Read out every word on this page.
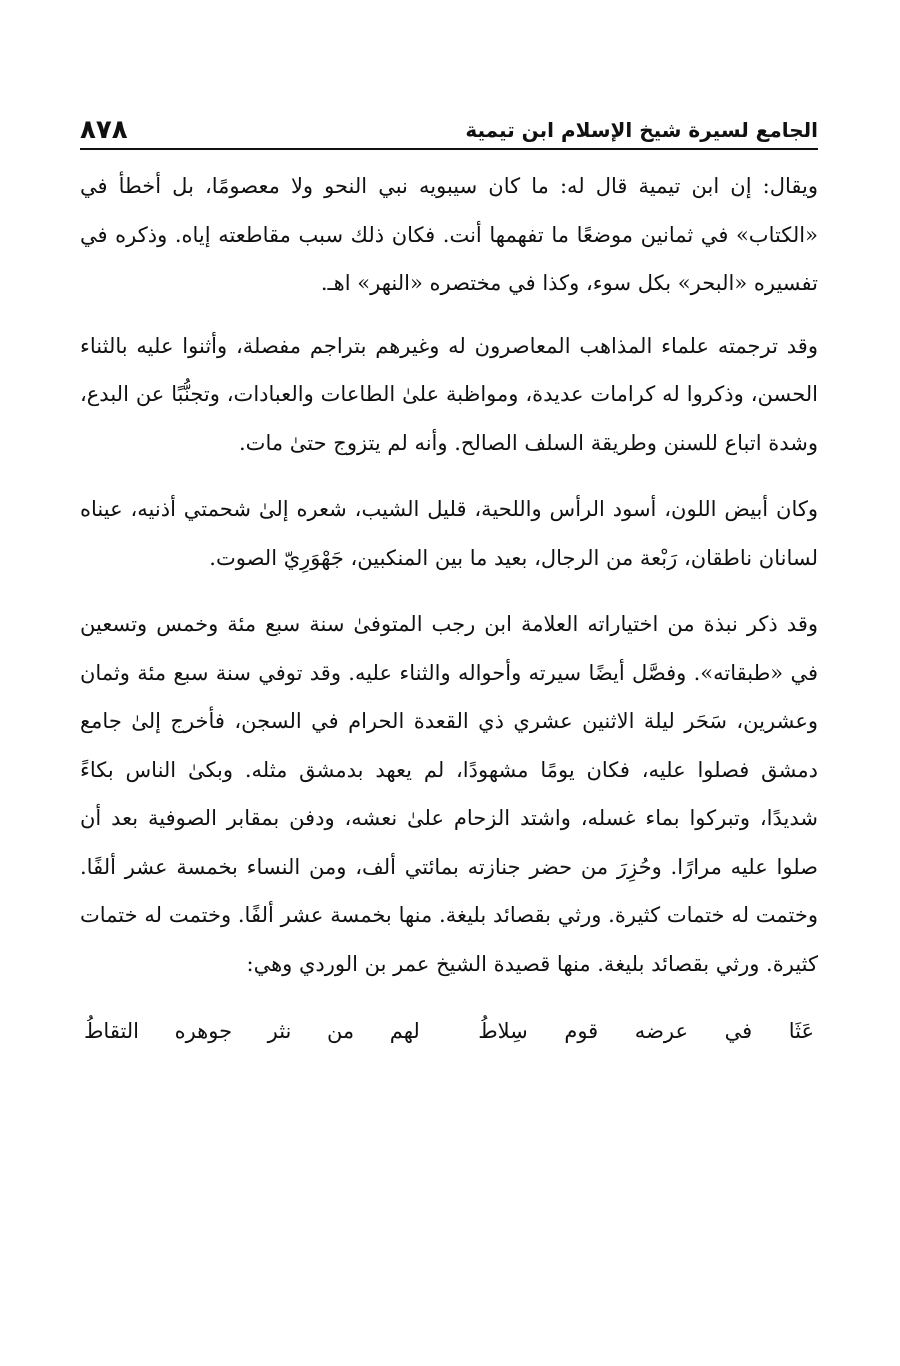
الجامع لسيرة شيخ الإسلام ابن تيمية
٨٧٨

ويقال: إن ابن تيمية قال له: ما كان سيبويه نبي النحو ولا معصومًا، بل أخطأ في «الكتاب» في ثمانين موضعًا ما تفهمها أنت. فكان ذلك سبب مقاطعته إياه. وذكره في تفسيره «البحر» بكل سوء، وكذا في مختصره «النهر» اهـ.

وقد ترجمته علماء المذاهب المعاصرون له وغيرهم بتراجم مفصلة، وأثنوا عليه بالثناء الحسن، وذكروا له كرامات عديدة، ومواظبة علىٰ الطاعات والعبادات، وتجنُّبًا عن البدع، وشدة اتباع للسنن وطريقة السلف الصالح. وأنه لم يتزوج حتىٰ مات.

وكان أبيض اللون، أسود الرأس واللحية، قليل الشيب، شعره إلىٰ شحمتي أذنيه، عيناه لسانان ناطقان، رَبْعة من الرجال، بعيد ما بين المنكبين، جَهْوَرِيّ الصوت.

وقد ذكر نبذة من اختياراته العلامة ابن رجب المتوفىٰ سنة سبع مئة وخمس وتسعين في «طبقاته». وفصَّل أيضًا سيرته وأحواله والثناء عليه. وقد توفي سنة سبع مئة وثمان وعشرين، سَحَر ليلة الاثنين عشري ذي القعدة الحرام في السجن، فأخرج إلىٰ جامع دمشق فصلوا عليه، فكان يومًا مشهودًا، لم يعهد بدمشق مثله. وبكىٰ الناس بكاءً شديدًا، وتبركوا بماء غسله، واشتد الزحام علىٰ نعشه، ودفن بمقابر الصوفية بعد أن صلوا عليه مرارًا. وحُزِرَ من حضر جنازته بمائتي ألف، ومن النساء بخمسة عشر ألفًا. وختمت له ختمات كثيرة. ورثي بقصائد بليغة. منها بخمسة عشر ألفًا. وختمت له ختمات كثيرة. ورثي بقصائد بليغة. منها قصيدة الشيخ عمر بن الوردي وهي:

عَثَا في عرضه قوم سِلاطُ
لهم من نثر جوهره التقاطُ
